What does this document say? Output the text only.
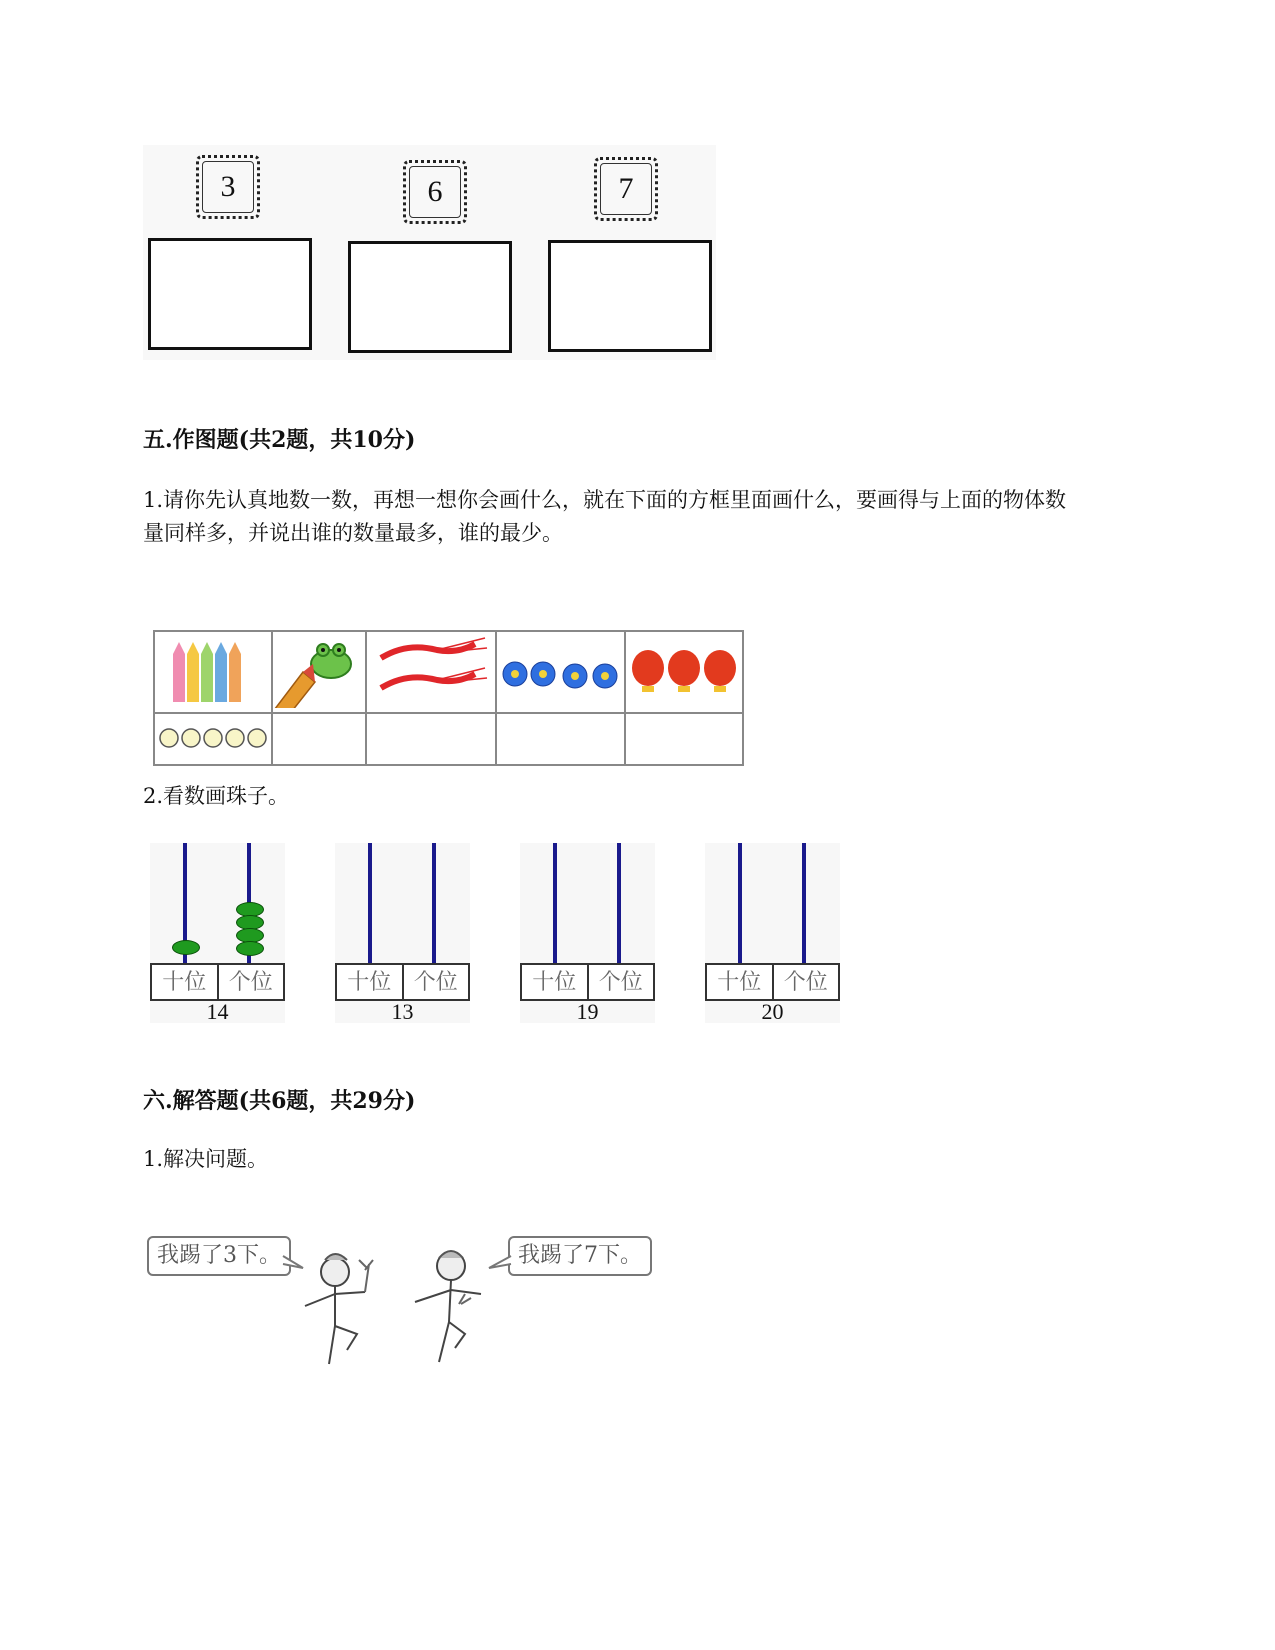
3	6	7
五.作图题(共2题，共10分)
1.请你先认真地数一数，再想一想你会画什么，就在下面的方框里面画什么，要画得与上面的物体数量同样多，并说出谁的数量最多，谁的最少。

2.看数画珠子。
十位	个位
14
十位	个位
13
十位	个位
19
十位	个位
20
六.解答题(共6题，共29分)
1.解决问题。
我踢了3下。	我踢了7下。
